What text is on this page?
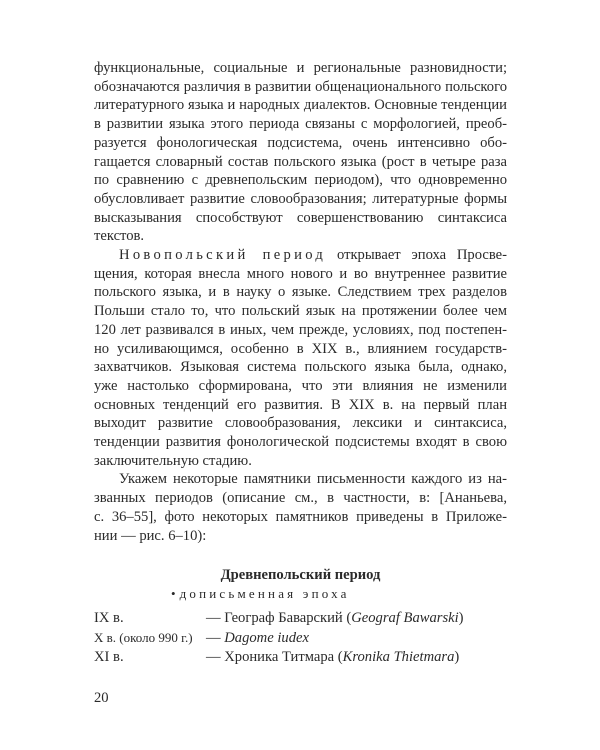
функциональные, социальные и региональные разновидности;
обозначаются различия в развитии общенационального польского
литературного языка и народных диалектов. Основные тенденции
в развитии языка этого периода связаны с морфологией, преоб-
разуется фонологическая подсистема, очень интенсивно обо-
гащается словарный состав польского языка (рост в четыре раза
по сравнению с древнепольским периодом), что одновременно
обусловливает развитие словообразования; литературные формы
высказывания способствуют совершенствованию синтаксиса
текстов.
Новопольский период открывает эпоха Просве-
щения, которая внесла много нового и во внутреннее развитие
польского языка, и в науку о языке. Следствием трех разделов
Польши стало то, что польский язык на протяжении более чем
120 лет развивался в иных, чем прежде, условиях, под постепен-
но усиливающимся, особенно в XIX в., влиянием государств-
захватчиков. Языковая система польского языка была, однако,
уже настолько сформирована, что эти влияния не изменили
основных тенденций его развития. В XIX в. на первый план
выходит развитие словообразования, лексики и синтаксиса,
тенденции развития фонологической подсистемы входят в свою
заключительную стадию.
Укажем некоторые памятники письменности каждого из на-
званных периодов (описание см., в частности, в: [Ананьева,
с. 36–55], фото некоторых памятников приведены в Приложе-
нии — рис. 6–10):
Древнепольский период
• дописьменная эпоха
IX в.	— Географ Баварский (Geograf Bawarski)
X в. (около 990 г.) — Dagome iudex
XI в.	— Хроника Титмара (Kronika Thietmara)
20
